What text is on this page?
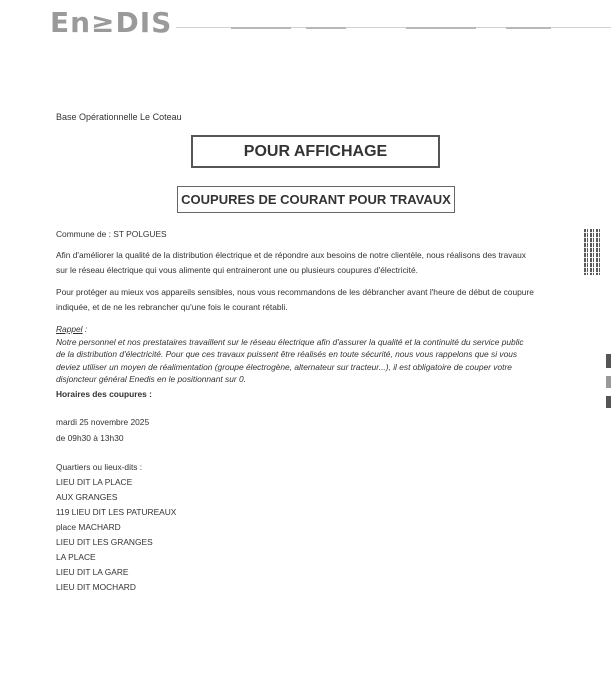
En≥DIS
Base Opérationnelle Le Coteau
POUR AFFICHAGE
COUPURES DE COURANT POUR TRAVAUX
Commune de : ST POLGUES
Afin d'améliorer la qualité de la distribution électrique et de répondre aux besoins de notre clientèle, nous réalisons des travaux
sur le réseau électrique qui vous alimente qui entraineront une ou plusieurs coupures d'électricité.
Pour protéger au mieux vos appareils sensibles, nous vous recommandons de les débrancher avant l'heure de début de coupure
indiquée, et de ne les rebrancher qu'une fois le courant rétabli.
Rappel :
Notre personnel et nos prestataires travaillent sur le réseau électrique afin d'assurer la qualité et la continuité du service public
de la distribution d'électricité. Pour que ces travaux puissent être réalisés en toute sécurité, nous vous rappelons que si vous
deviez utiliser un moyen de réalimentation (groupe électrogène, alternateur sur tracteur...), il est obligatoire de couper votre
disjoncteur général Enedis en le positionnant sur 0.
Horaires des coupures :
mardi 25 novembre 2025
de 09h30 à 13h30
Quartiers ou lieux-dits :
LIEU DIT LA PLACE
AUX GRANGES
119 LIEU DIT LES PATUREAUX
place MACHARD
LIEU DIT LES GRANGES
LA PLACE
LIEU DIT LA GARE
LIEU DIT MOCHARD
